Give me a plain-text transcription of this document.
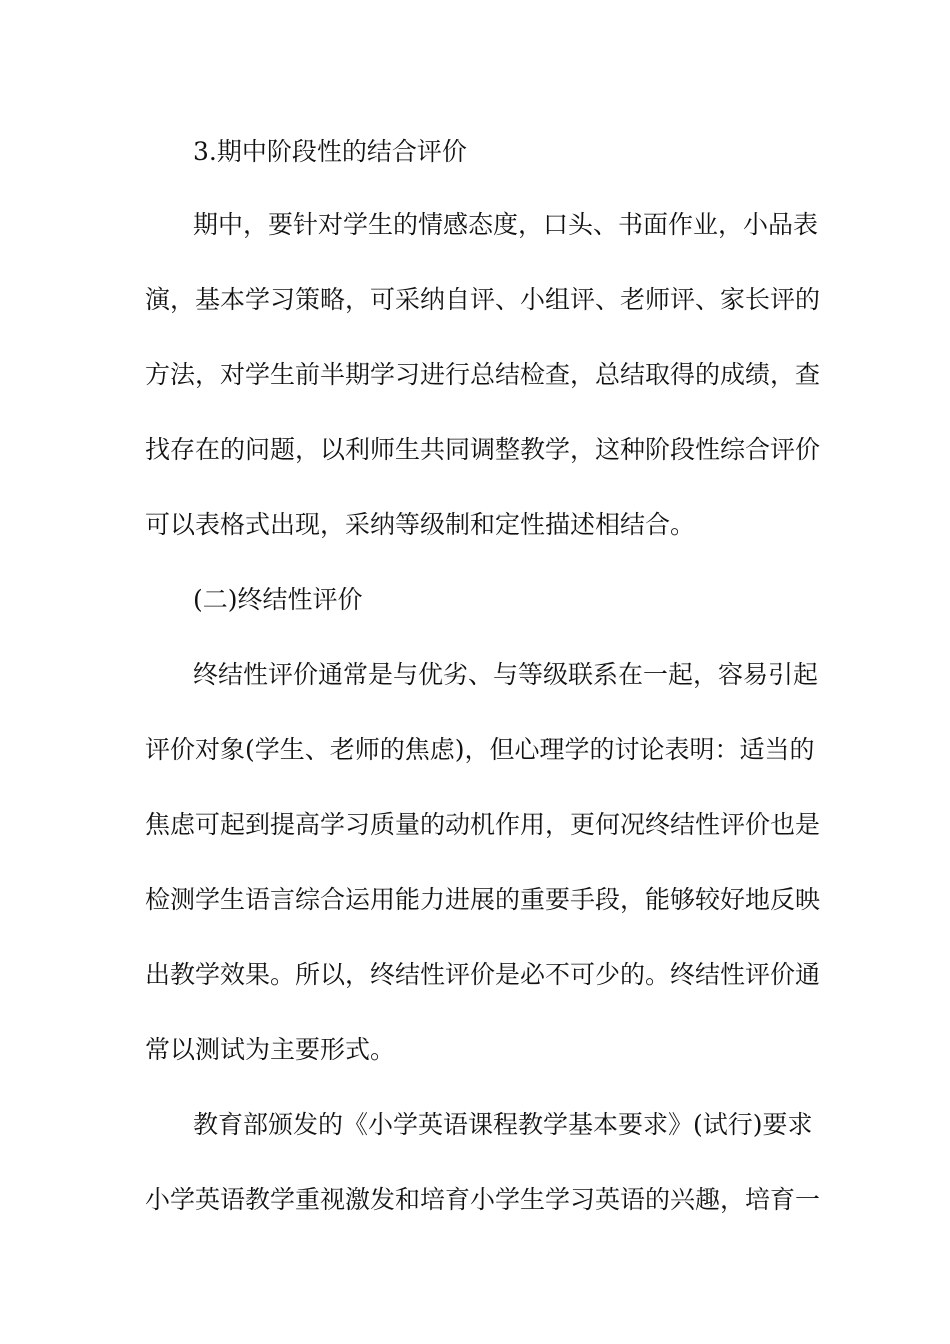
3.期中阶段性的结合评价
期中，要针对学生的情感态度，口头、书面作业，小品表
演，基本学习策略，可采纳自评、小组评、老师评、家长评的
方法，对学生前半期学习进行总结检查，总结取得的成绩，查
找存在的问题，以利师生共同调整教学，这种阶段性综合评价
可以表格式出现，采纳等级制和定性描述相结合。
(二)终结性评价
终结性评价通常是与优劣、与等级联系在一起，容易引起
评价对象(学生、老师的焦虑)，但心理学的讨论表明：适当的
焦虑可起到提高学习质量的动机作用，更何况终结性评价也是
检测学生语言综合运用能力进展的重要手段，能够较好地反映
出教学效果。所以，终结性评价是必不可少的。终结性评价通
常以测试为主要形式。
教育部颁发的《小学英语课程教学基本要求》(试行)要求
小学英语教学重视激发和培育小学生学习英语的兴趣，培育一
